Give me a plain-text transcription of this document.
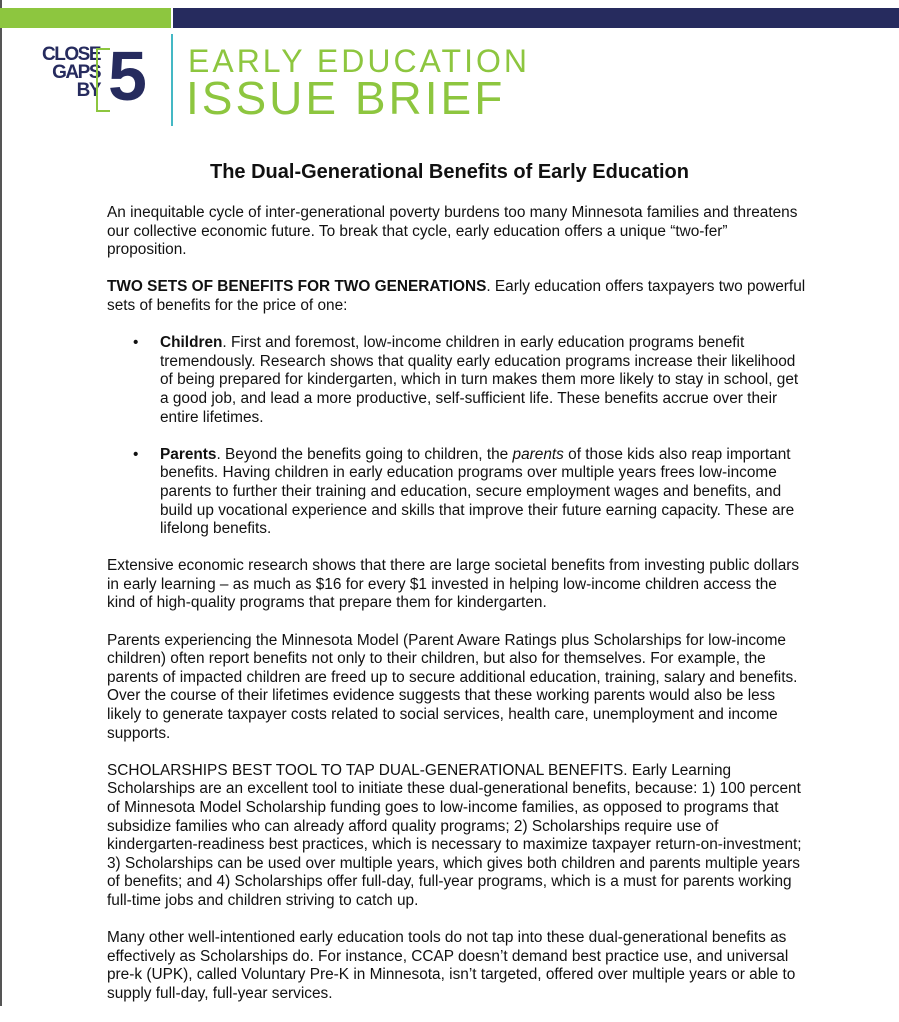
CLOSE
GAPS
BY 5 EARLY EDUCATION
ISSUE BRIEF
The Dual-Generational Benefits of Early Education

An inequitable cycle of inter-generational poverty burdens too many Minnesota families and threatens our collective economic future. To break that cycle, early education offers a unique “two-fer” proposition.

TWO SETS OF BENEFITS FOR TWO GENERATIONS. Early education offers taxpayers two powerful sets of benefits for the price of one:

• Children. First and foremost, low-income children in early education programs benefit tremendously. Research shows that quality early education programs increase their likelihood of being prepared for kindergarten, which in turn makes them more likely to stay in school, get a good job, and lead a more productive, self-sufficient life. These benefits accrue over their entire lifetimes.
• Parents. Beyond the benefits going to children, the parents of those kids also reap important benefits. Having children in early education programs over multiple years frees low-income parents to further their training and education, secure employment wages and benefits, and build up vocational experience and skills that improve their future earning capacity. These are lifelong benefits.

Extensive economic research shows that there are large societal benefits from investing public dollars in early learning – as much as $16 for every $1 invested in helping low-income children access the kind of high-quality programs that prepare them for kindergarten.

Parents experiencing the Minnesota Model (Parent Aware Ratings plus Scholarships for low-income children) often report benefits not only to their children, but also for themselves. For example, the parents of impacted children are freed up to secure additional education, training, salary and benefits. Over the course of their lifetimes evidence suggests that these working parents would also be less likely to generate taxpayer costs related to social services, health care, unemployment and income supports.

SCHOLARSHIPS BEST TOOL TO TAP DUAL-GENERATIONAL BENEFITS. Early Learning Scholarships are an excellent tool to initiate these dual-generational benefits, because: 1) 100 percent of Minnesota Model Scholarship funding goes to low-income families, as opposed to programs that subsidize families who can already afford quality programs; 2) Scholarships require use of kindergarten-readiness best practices, which is necessary to maximize taxpayer return-on-investment; 3) Scholarships can be used over multiple years, which gives both children and parents multiple years of benefits; and 4) Scholarships offer full-day, full-year programs, which is a must for parents working full-time jobs and children striving to catch up.

Many other well-intentioned early education tools do not tap into these dual-generational benefits as effectively as Scholarships do. For instance, CCAP doesn’t demand best practice use, and universal pre-k (UPK), called Voluntary Pre-K in Minnesota, isn’t targeted, offered over multiple years or able to supply full-day, full-year services.
